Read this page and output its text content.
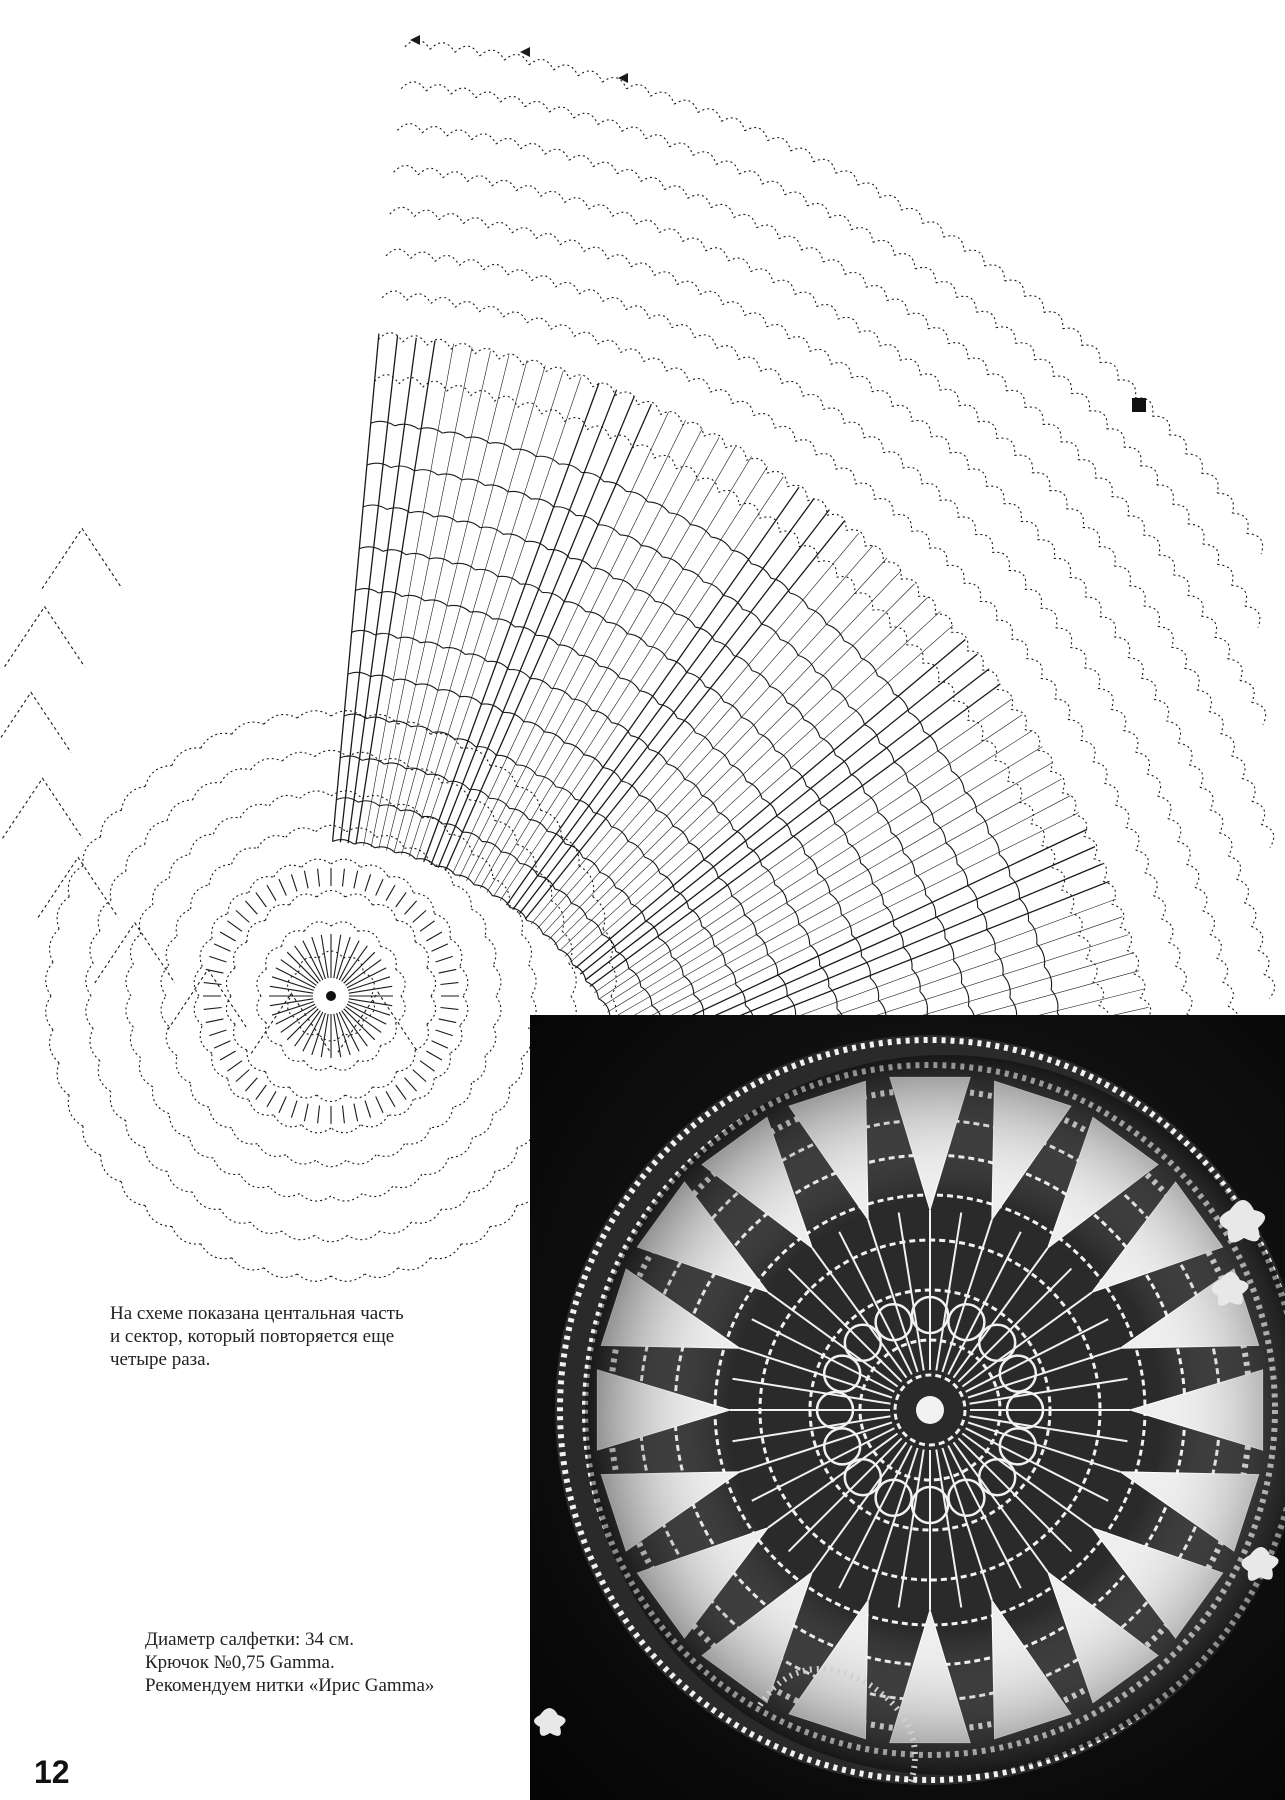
На схеме показана центальная часть
и сектор, который повторяется еще
четыре раза.
Диаметр салфетки: 34 см.
Крючок №0,75 Gamma.
Рекомендуем нитки «Ирис Gamma»
12
